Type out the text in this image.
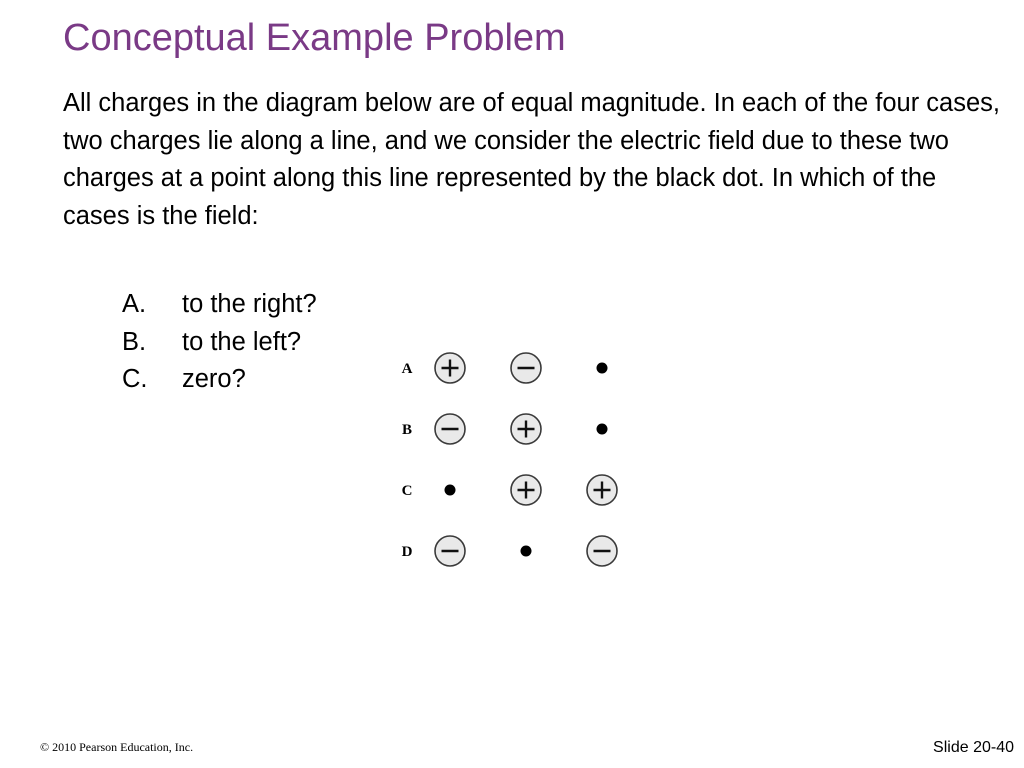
Conceptual Example Problem

All charges in the diagram below are of equal magnitude. In each of the four cases, two charges lie along a line, and we consider the electric field due to these two charges at a point along this line represented by the black dot. In which of the cases is the field:

A.	to the right?
B.	to the left?
C.	zero?	A
B
C
D
© 2010 Pearson Education, Inc.	Slide 20-40
